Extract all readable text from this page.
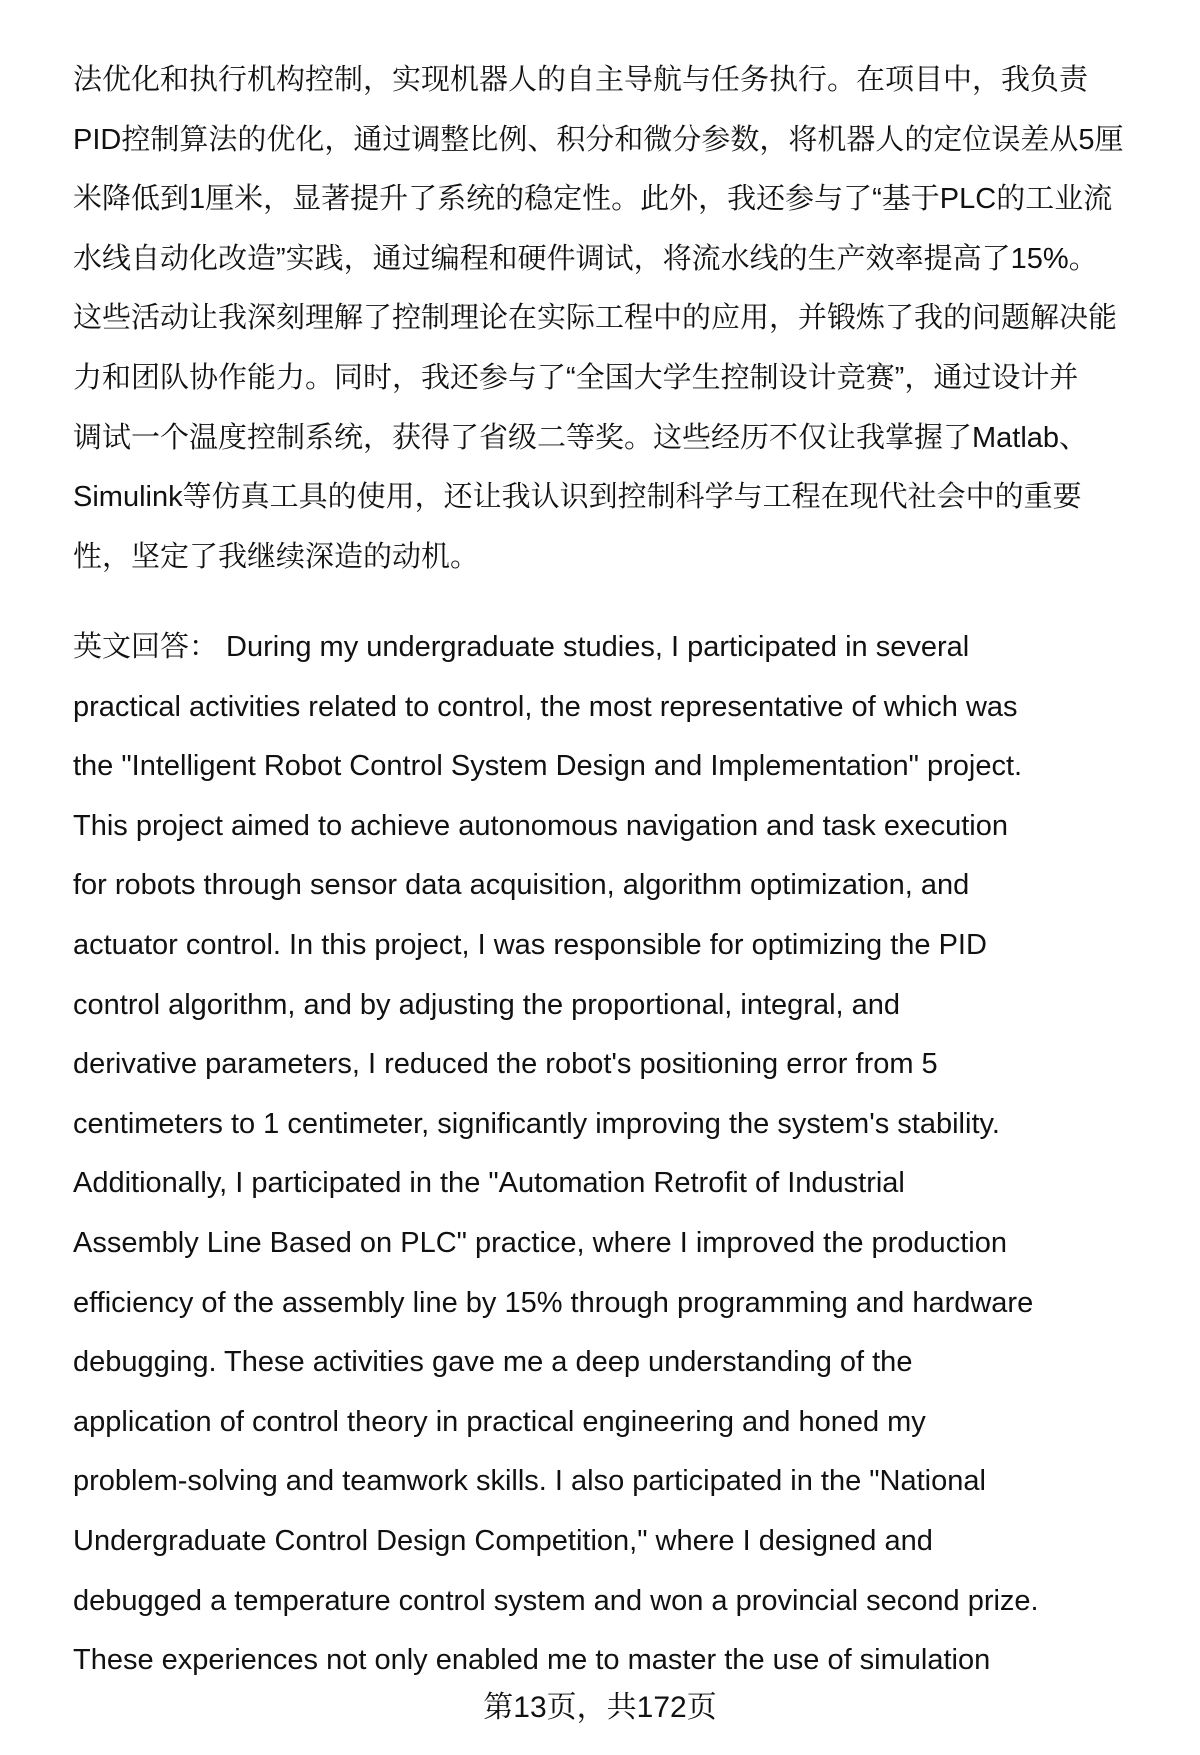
法优化和执行机构控制，实现机器人的自主导航与任务执行。在项目中，我负责
PID控制算法的优化，通过调整比例、积分和微分参数，将机器人的定位误差从5厘
米降低到1厘米，显著提升了系统的稳定性。此外，我还参与了“基于PLC的工业流
水线自动化改造”实践，通过编程和硬件调试，将流水线的生产效率提高了15%。
这些活动让我深刻理解了控制理论在实际工程中的应用，并锻炼了我的问题解决能
力和团队协作能力。同时，我还参与了“全国大学生控制设计竞赛”，通过设计并
调试一个温度控制系统，获得了省级二等奖。这些经历不仅让我掌握了Matlab、
Simulink等仿真工具的使用，还让我认识到控制科学与工程在现代社会中的重要
性，坚定了我继续深造的动机。
英文回答： During my undergraduate studies, I participated in several
practical activities related to control, the most representative of which was
the "Intelligent Robot Control System Design and Implementation" project.
This project aimed to achieve autonomous navigation and task execution
for robots through sensor data acquisition, algorithm optimization, and
actuator control. In this project, I was responsible for optimizing the PID
control algorithm, and by adjusting the proportional, integral, and
derivative parameters, I reduced the robot's positioning error from 5
centimeters to 1 centimeter, significantly improving the system's stability.
Additionally, I participated in the "Automation Retrofit of Industrial
Assembly Line Based on PLC" practice, where I improved the production
efficiency of the assembly line by 15% through programming and hardware
debugging. These activities gave me a deep understanding of the
application of control theory in practical engineering and honed my
problem-solving and teamwork skills. I also participated in the "National
Undergraduate Control Design Competition," where I designed and
debugged a temperature control system and won a provincial second prize.
These experiences not only enabled me to master the use of simulation
第13页，共172页
